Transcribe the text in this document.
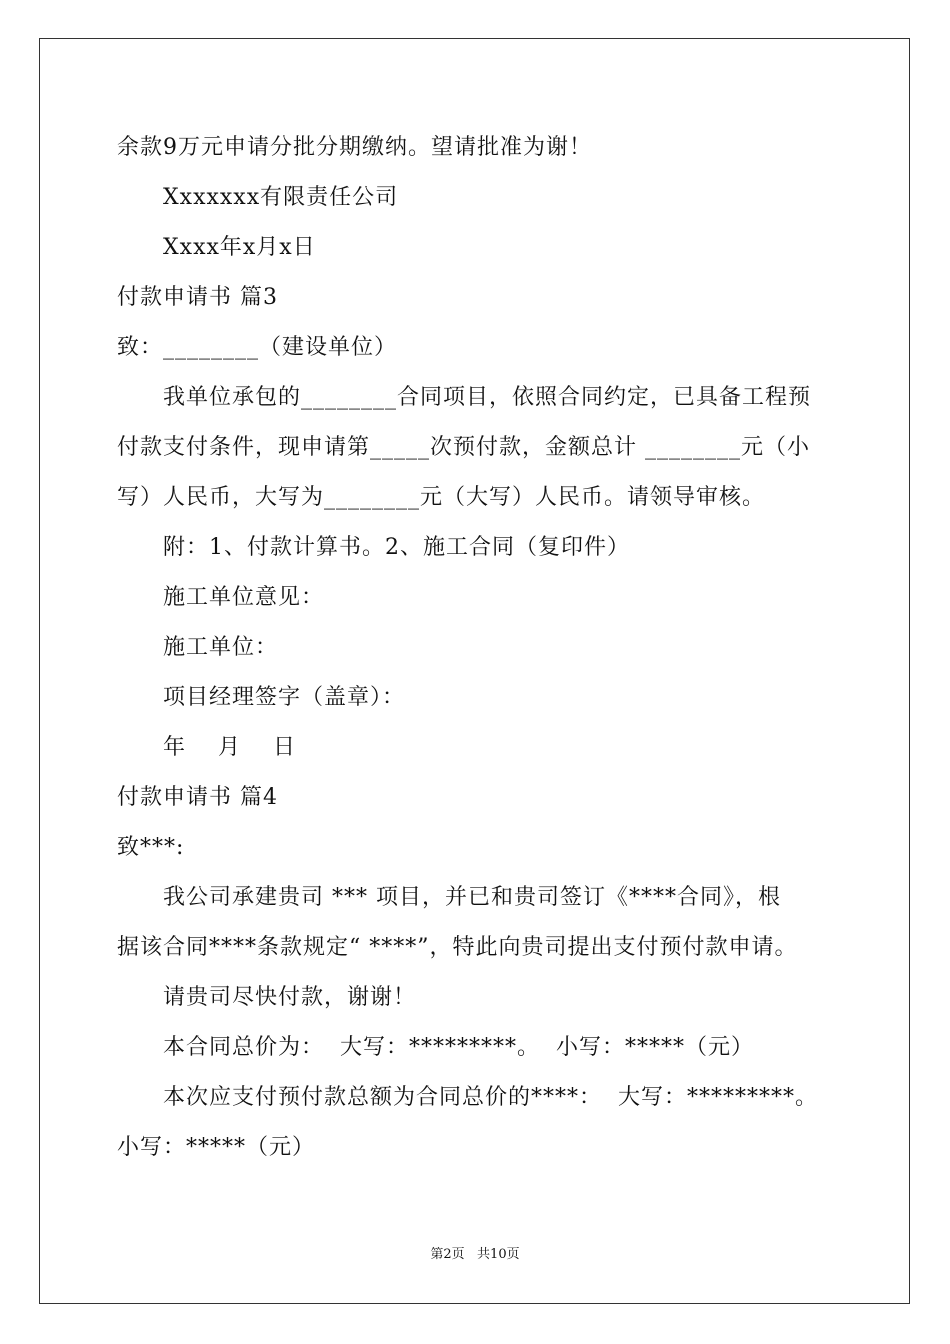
余款9万元申请分批分期缴纳。望请批准为谢！
Xxxxxxx有限责任公司
Xxxx年x月x日
付款申请书 篇3
致：________（建设单位）
我单位承包的________合同项目，依照合同约定，已具备工程预
付款支付条件，现申请第_____次预付款，金额总计 ________元（小
写）人民币，大写为________元（大写）人民币。请领导审核。
附：1、付款计算书。2、施工合同（复印件）
施工单位意见：
施工单位：
项目经理签字（盖章）：
年    月    日
付款申请书 篇4
致***:
我公司承建贵司 *** 项目，并已和贵司签订《****合同》，根
据该合同****条款规定“ ****”，特此向贵司提出支付预付款申请。
请贵司尽快付款，谢谢！
本合同总价为：  大写：*********。  小写：*****（元）
本次应支付预付款总额为合同总价的****：  大写：*********。
小写：*****（元）
第2页   共10页
